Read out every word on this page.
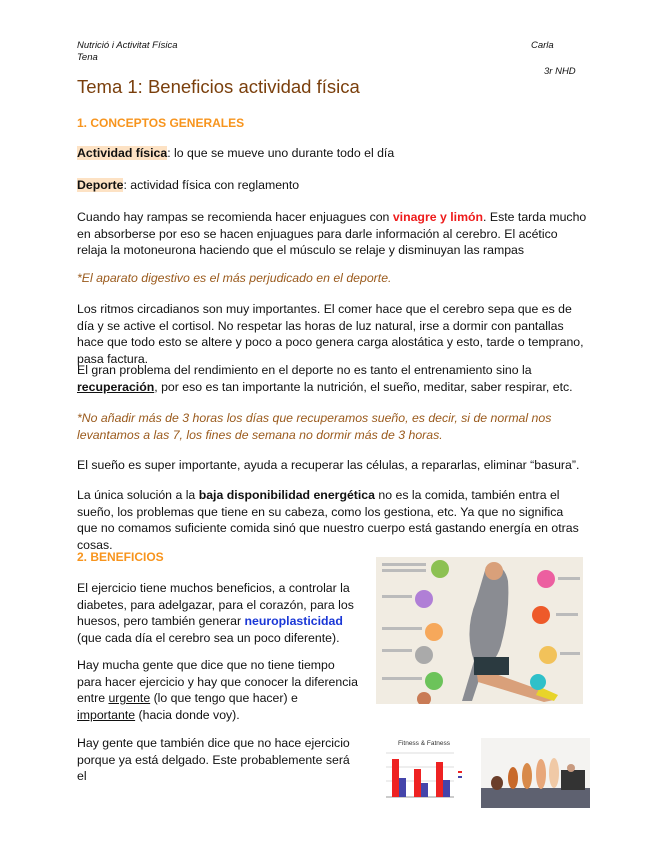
Nutrició i Activitat Física
Tena
Carla
3r NHD
Tema 1: Beneficios actividad física
1. CONCEPTOS GENERALES

Actividad física: lo que se mueve uno durante todo el día

Deporte: actividad física con reglamento

Cuando hay rampas se recomienda hacer enjuagues con vinagre y limón. Este tarda mucho en absorberse por eso se hacen enjuagues para darle información al cerebro. El acético relaja la motoneurona haciendo que el músculo se relaje y disminuyan las rampas

*El aparato digestivo es el más perjudicado en el deporte.

Los ritmos circadianos son muy importantes. El comer hace que el cerebro sepa que es de día y se active el cortisol. No respetar las horas de luz natural, irse a dormir con pantallas hace que todo esto se altere y poco a poco genera carga alostática y esto, tarde o temprano, pasa factura.

El gran problema del rendimiento en el deporte no es tanto el entrenamiento sino la recuperación, por eso es tan importante la nutrición, el sueño, meditar, saber respirar, etc.

*No añadir más de 3 horas los días que recuperamos sueño, es decir, si de normal nos levantamos a las 7, los fines de semana no dormir más de 3 horas.

El sueño es super importante, ayuda a recuperar las células, a repararlas, eliminar “basura”.

La única solución a la baja disponibilidad energética no es la comida, también entra el sueño, los problemas que tiene en su cabeza, como los gestiona, etc. Ya que no significa que no comamos suficiente comida sinó que nuestro cuerpo está gastando energía en otras cosas.

2. BENEFICIOS

El ejercicio tiene muchos beneficios, a controlar la diabetes, para adelgazar, para el corazón, para los huesos, pero también generar neuroplasticidad (que cada día el cerebro sea un poco diferente).

Hay mucha gente que dice que no tiene tiempo para hacer ejercicio y hay que conocer la diferencia entre urgente (lo que tengo que hacer) e importante (hacia donde voy).

Hay gente que también dice que no hace ejercicio porque ya está delgado. Este probablemente será el

Fitness & Fatness
